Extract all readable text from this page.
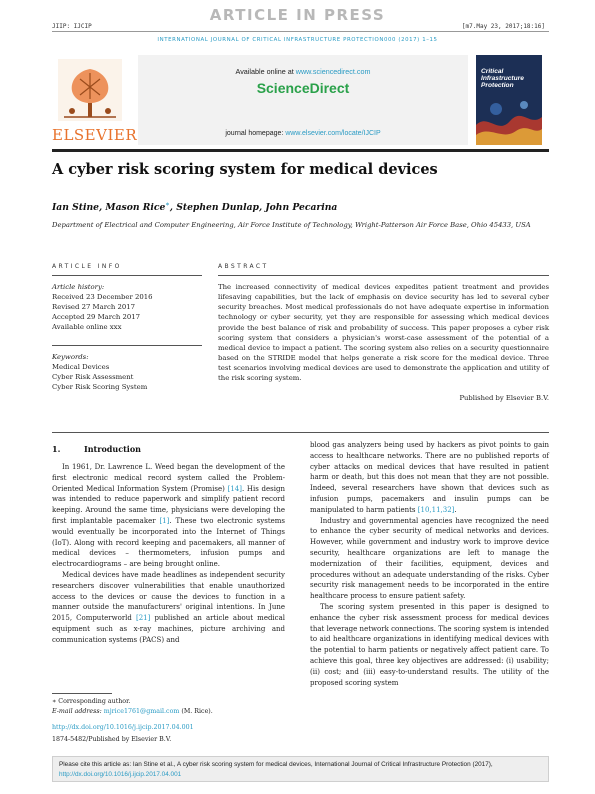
ARTICLE IN PRESS
JIIP: IJCIP	[m7.May 23, 2017;18:16]
INTERNATIONAL JOURNAL OF CRITICAL INFRASTRUCTURE PROTECTION000 (2017) 1–15
ELSEVIER
Available online at www.sciencedirect.com
ScienceDirect
journal homepage: www.elsevier.com/locate/IJCIP
Critical Infrastructure Protection
A cyber risk scoring system for medical devices
Ian Stine, Mason Rice∗, Stephen Dunlap, John Pecarina
Department of Electrical and Computer Engineering, Air Force Institute of Technology, Wright-Patterson Air Force Base, Ohio 45433, USA
ARTICLE INFO
Article history:
Received 23 December 2016
Revised 27 March 2017
Accepted 29 March 2017
Available online xxx
Keywords:
Medical Devices
Cyber Risk Assessment
Cyber Risk Scoring System
ABSTRACT

The increased connectivity of medical devices expedites patient treatment and provides lifesaving capabilities, but the lack of emphasis on device security has led to several cyber security breaches. Most medical professionals do not have adequate expertise in information technology or cyber security, yet they are responsible for assessing which medical devices provide the best balance of risk and probability of success. This paper proposes a cyber risk scoring system that considers a physician's worst-case assessment of the potential of a medical device to impact a patient. The scoring system also relies on a security questionnaire based on the STRIDE model that helps generate a risk score for the medical device. Three test scenarios involving medical devices are used to demonstrate the application and utility of the risk scoring system.

Published by Elsevier B.V.
1.	Introduction

In 1961, Dr. Lawrence L. Weed began the development of the first electronic medical record system called the Problem-Oriented Medical Information System (Promise) [14]. His design was intended to reduce paperwork and simplify patient record keeping. Around the same time, physicians were developing the first implantable pacemaker [1]. These two electronic systems would eventually be incorporated into the Internet of Things (IoT). Along with record keeping and pacemakers, all manner of medical devices – thermometers, infusion pumps and electrocardiograms – are being brought online.

Medical devices have made headlines as independent security researchers discover vulnerabilities that enable unauthorized access to the devices or cause the devices to function in a manner outside the manufacturers' original intentions. In June 2015, Computerworld [21] published an article about medical equipment such as x-ray machines, picture archiving and communication systems (PACS) and

blood gas analyzers being used by hackers as pivot points to gain access to healthcare networks. There are no published reports of cyber attacks on medical devices that have resulted in patient harm or death, but this does not mean that they are not possible. Indeed, several researchers have shown that devices such as infusion pumps, pacemakers and insulin pumps can be manipulated to harm patients [10,11,32].

Industry and governmental agencies have recognized the need to enhance the cyber security of medical networks and devices. However, while government and industry work to improve device security, healthcare organizations are left to manage the modernization of their facilities, equipment, devices and procedures without an adequate understanding of the risks. Cyber security risk management needs to be incorporated in the entire healthcare process to ensure patient safety.

The scoring system presented in this paper is designed to enhance the cyber risk assessment process for medical devices that leverage network connections. The scoring system is intended to aid healthcare organizations in identifying medical devices with the potential to harm patients or negatively affect patient care. To achieve this goal, three key objectives are addressed: (i) usability; (ii) cost; and (iii) easy-to-understand results. The utility of the proposed scoring system

∗ Corresponding author.
E-mail address: mjrice1761@gmail.com (M. Rice).
http://dx.doi.org/10.1016/j.ijcip.2017.04.001
1874-5482/Published by Elsevier B.V.
Please cite this article as: Ian Stine et al., A cyber risk scoring system for medical devices, International Journal of Critical Infrastructure Protection (2017), http://dx.doi.org/10.1016/j.ijcip.2017.04.001
